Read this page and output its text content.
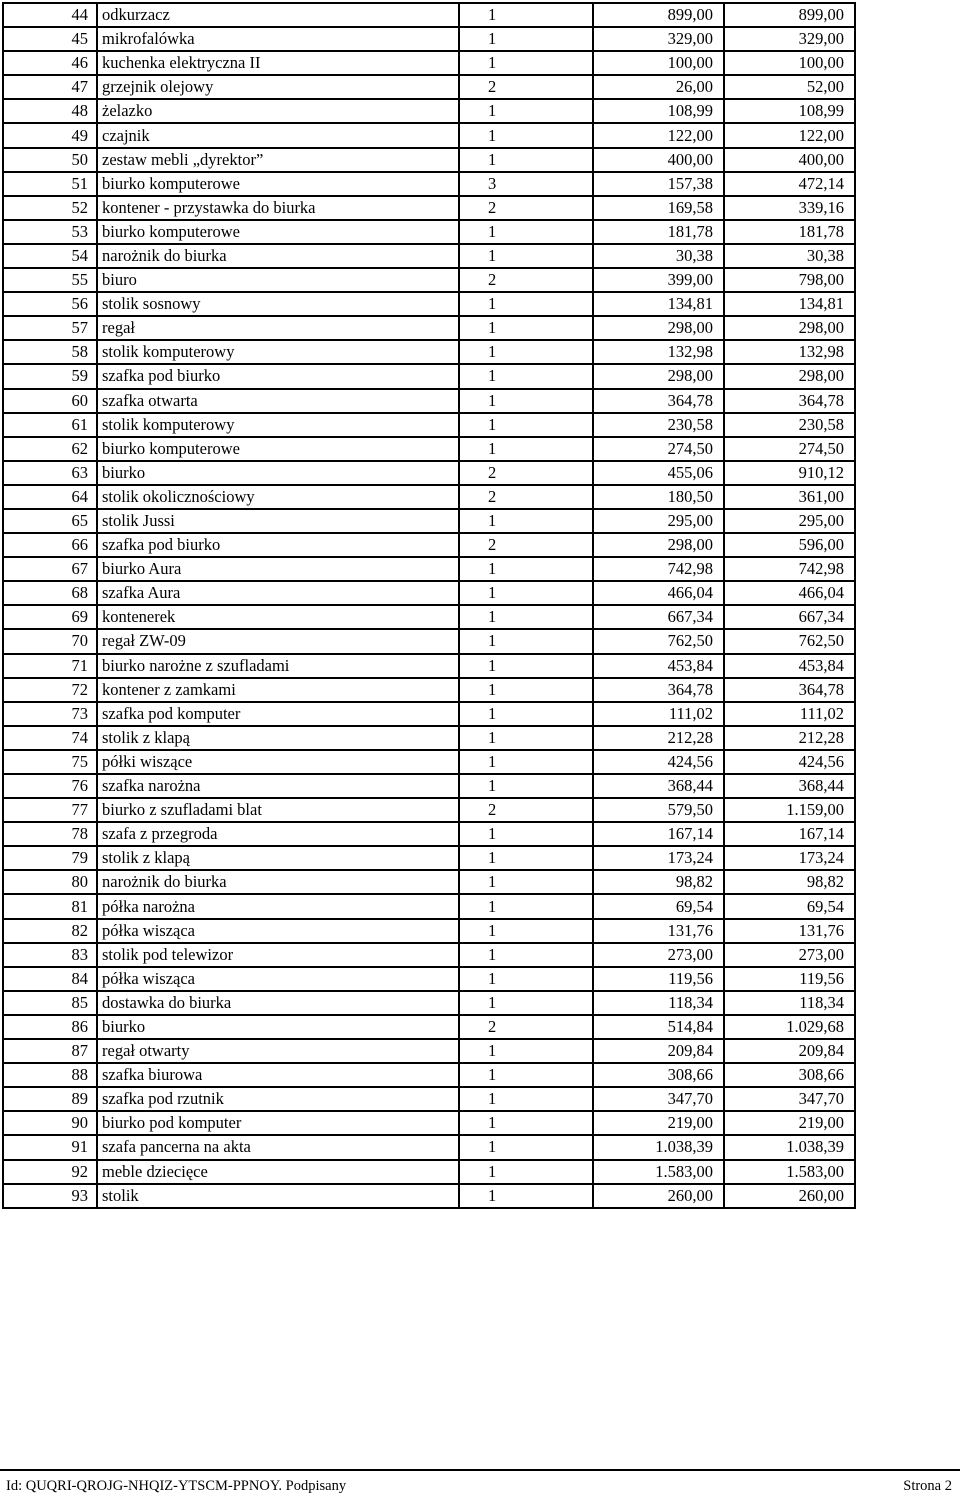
44	odkurzacz	1	899,00	899,00
45	mikrofalówka	1	329,00	329,00
46	kuchenka elektryczna II	1	100,00	100,00
47	grzejnik olejowy	2	26,00	52,00
48	żelazko	1	108,99	108,99
49	czajnik	1	122,00	122,00
50	zestaw mebli „dyrektor”	1	400,00	400,00
51	biurko komputerowe	3	157,38	472,14
52	kontener - przystawka do biurka	2	169,58	339,16
53	biurko komputerowe	1	181,78	181,78
54	narożnik do biurka	1	30,38	30,38
55	biuro	2	399,00	798,00
56	stolik sosnowy	1	134,81	134,81
57	regał	1	298,00	298,00
58	stolik komputerowy	1	132,98	132,98
59	szafka pod biurko	1	298,00	298,00
60	szafka otwarta	1	364,78	364,78
61	stolik komputerowy	1	230,58	230,58
62	biurko komputerowe	1	274,50	274,50
63	biurko	2	455,06	910,12
64	stolik okolicznościowy	2	180,50	361,00
65	stolik Jussi	1	295,00	295,00
66	szafka pod biurko	2	298,00	596,00
67	biurko Aura	1	742,98	742,98
68	szafka Aura	1	466,04	466,04
69	kontenerek	1	667,34	667,34
70	regał ZW-09	1	762,50	762,50
71	biurko narożne z szufladami	1	453,84	453,84
72	kontener z zamkami	1	364,78	364,78
73	szafka pod komputer	1	111,02	111,02
74	stolik z klapą	1	212,28	212,28
75	półki wiszące	1	424,56	424,56
76	szafka narożna	1	368,44	368,44
77	biurko z szufladami blat	2	579,50	1.159,00
78	szafa z przegroda	1	167,14	167,14
79	stolik z klapą	1	173,24	173,24
80	narożnik do biurka	1	98,82	98,82
81	półka narożna	1	69,54	69,54
82	półka wisząca	1	131,76	131,76
83	stolik pod telewizor	1	273,00	273,00
84	półka wisząca	1	119,56	119,56
85	dostawka do biurka	1	118,34	118,34
86	biurko	2	514,84	1.029,68
87	regał otwarty	1	209,84	209,84
88	szafka biurowa	1	308,66	308,66
89	szafka pod rzutnik	1	347,70	347,70
90	biurko pod komputer	1	219,00	219,00
91	szafa pancerna na akta	1	1.038,39	1.038,39
92	meble dziecięce	1	1.583,00	1.583,00
93	stolik	1	260,00	260,00
Id: QUQRI-QROJG-NHQIZ-YTSCM-PPNOY. Podpisany	Strona 2
